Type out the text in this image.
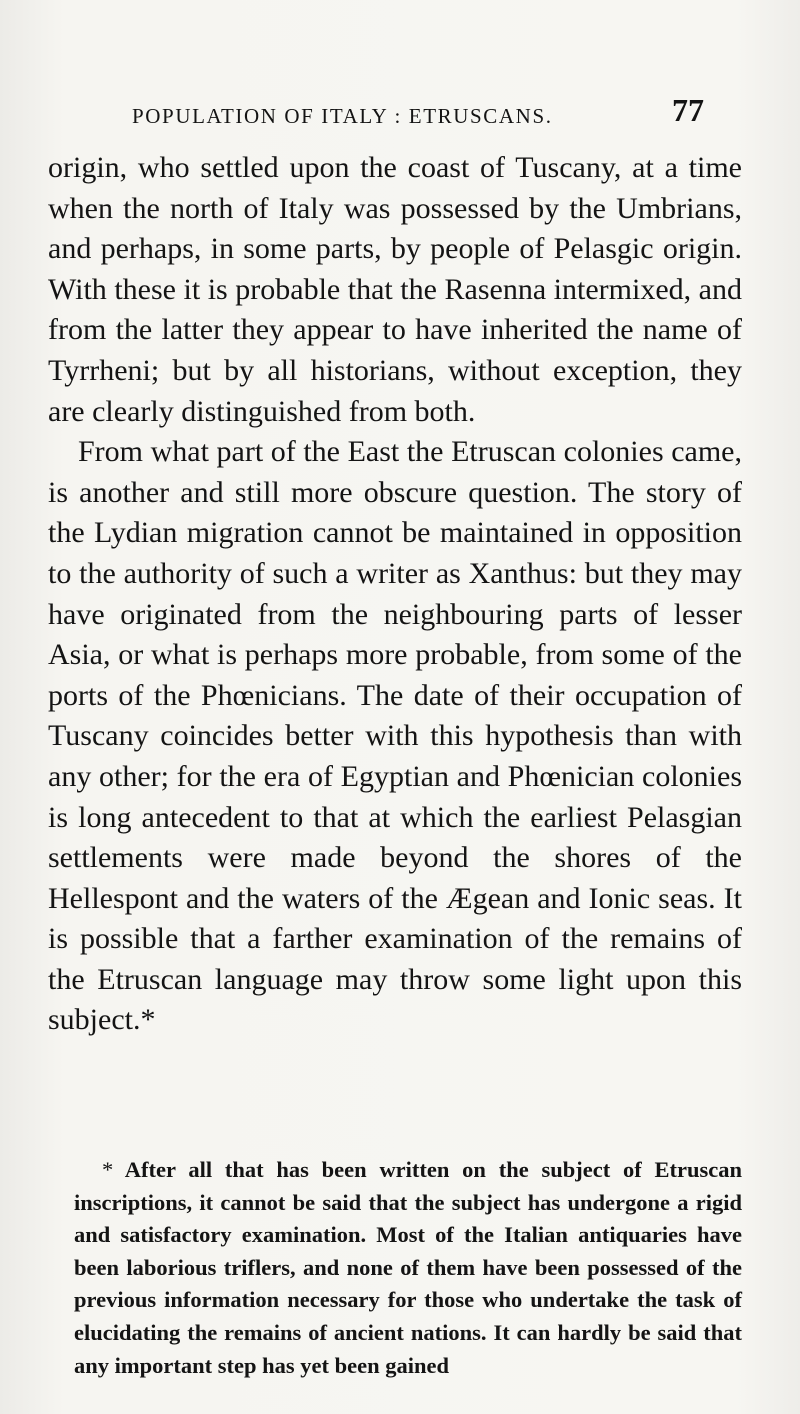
POPULATION OF ITALY : ETRUSCANS.	77

origin, who settled upon the coast of Tuscany, at a time when the north of Italy was possessed by the Umbrians, and perhaps, in some parts, by people of Pelasgic origin. With these it is probable that the Rasenna intermixed, and from the latter they appear to have inherited the name of Tyrrheni; but by all historians, without exception, they are clearly distinguished from both.

From what part of the East the Etruscan colonies came, is another and still more obscure question. The story of the Lydian migration cannot be maintained in opposition to the authority of such a writer as Xanthus: but they may have originated from the neighbouring parts of lesser Asia, or what is perhaps more probable, from some of the ports of the Phœnicians. The date of their occupation of Tuscany coincides better with this hypothesis than with any other; for the era of Egyptian and Phœnician colonies is long antecedent to that at which the earliest Pelasgian settlements were made beyond the shores of the Hellespont and the waters of the Ægean and Ionic seas. It is possible that a farther examination of the remains of the Etruscan language may throw some light upon this subject.*

* After all that has been written on the subject of Etruscan inscriptions, it cannot be said that the subject has undergone a rigid and satisfactory examination. Most of the Italian antiquaries have been laborious triflers, and none of them have been possessed of the previous information necessary for those who undertake the task of elucidating the remains of ancient nations. It can hardly be said that any important step has yet been gained
